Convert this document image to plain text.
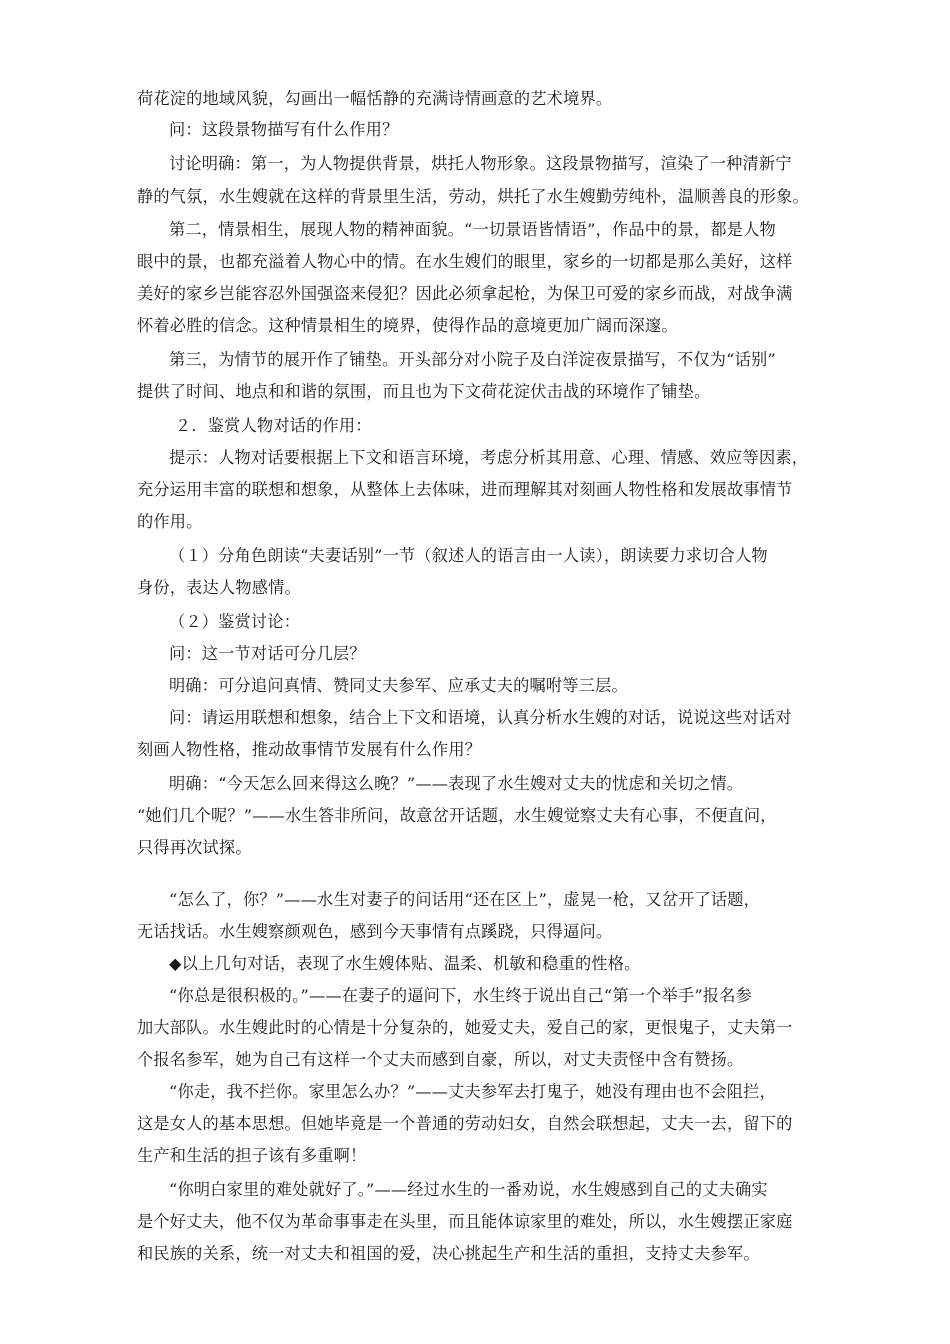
荷花淀的地域风貌，勾画出一幅恬静的充满诗情画意的艺术境界。
问：这段景物描写有什么作用？
讨论明确：第一，为人物提供背景，烘托人物形象。这段景物描写，渲染了一种清新宁
静的气氛，水生嫂就在这样的背景里生活，劳动，烘托了水生嫂勤劳纯朴，温顺善良的形象。
第二，情景相生，展现人物的精神面貌。“一切景语皆情语”，作品中的景，都是人物
眼中的景，也都充溢着人物心中的情。在水生嫂们的眼里，家乡的一切都是那么美好，这样
美好的家乡岂能容忍外国强盗来侵犯？因此必须拿起枪，为保卫可爱的家乡而战，对战争满
怀着必胜的信念。这种情景相生的境界，使得作品的意境更加广阔而深邃。
第三，为情节的展开作了铺垫。开头部分对小院子及白洋淀夜景描写，不仅为“话别”
提供了时间、地点和和谐的氛围，而且也为下文荷花淀伏击战的环境作了铺垫。
２．鉴赏人物对话的作用：
提示：人物对话要根据上下文和语言环境，考虑分析其用意、心理、情感、效应等因素，
充分运用丰富的联想和想象，从整体上去体味，进而理解其对刻画人物性格和发展故事情节
的作用。
（１）分角色朗读“夫妻话别”一节（叙述人的语言由一人读），朗读要力求切合人物
身份，表达人物感情。
（２）鉴赏讨论：
问：这一节对话可分几层？
明确：可分追问真情、赞同丈夫参军、应承丈夫的嘱咐等三层。
问：请运用联想和想象，结合上下文和语境，认真分析水生嫂的对话，说说这些对话对
刻画人物性格，推动故事情节发展有什么作用？
明确：“今天怎么回来得这么晚？”——表现了水生嫂对丈夫的忧虑和关切之情。
“她们几个呢？”——水生答非所问，故意岔开话题，水生嫂觉察丈夫有心事，不便直问，
只得再次试探。
“怎么了，你？”——水生对妻子的问话用“还在区上”，虚晃一枪，又岔开了话题，
无话找话。水生嫂察颜观色，感到今天事情有点蹊跷，只得逼问。
◆以上几句对话，表现了水生嫂体贴、温柔、机敏和稳重的性格。
“你总是很积极的。”——在妻子的逼问下，水生终于说出自己“第一个举手”报名参
加大部队。水生嫂此时的心情是十分复杂的，她爱丈夫，爱自己的家，更恨鬼子，丈夫第一
个报名参军，她为自己有这样一个丈夫而感到自豪，所以，对丈夫责怪中含有赞扬。
“你走，我不拦你。家里怎么办？”——丈夫参军去打鬼子，她没有理由也不会阻拦，
这是女人的基本思想。但她毕竟是一个普通的劳动妇女，自然会联想起，丈夫一去，留下的
生产和生活的担子该有多重啊！
“你明白家里的难处就好了。”——经过水生的一番劝说，水生嫂感到自己的丈夫确实
是个好丈夫，他不仅为革命事事走在头里，而且能体谅家里的难处，所以，水生嫂摆正家庭
和民族的关系，统一对丈夫和祖国的爱，决心挑起生产和生活的重担，支持丈夫参军。
